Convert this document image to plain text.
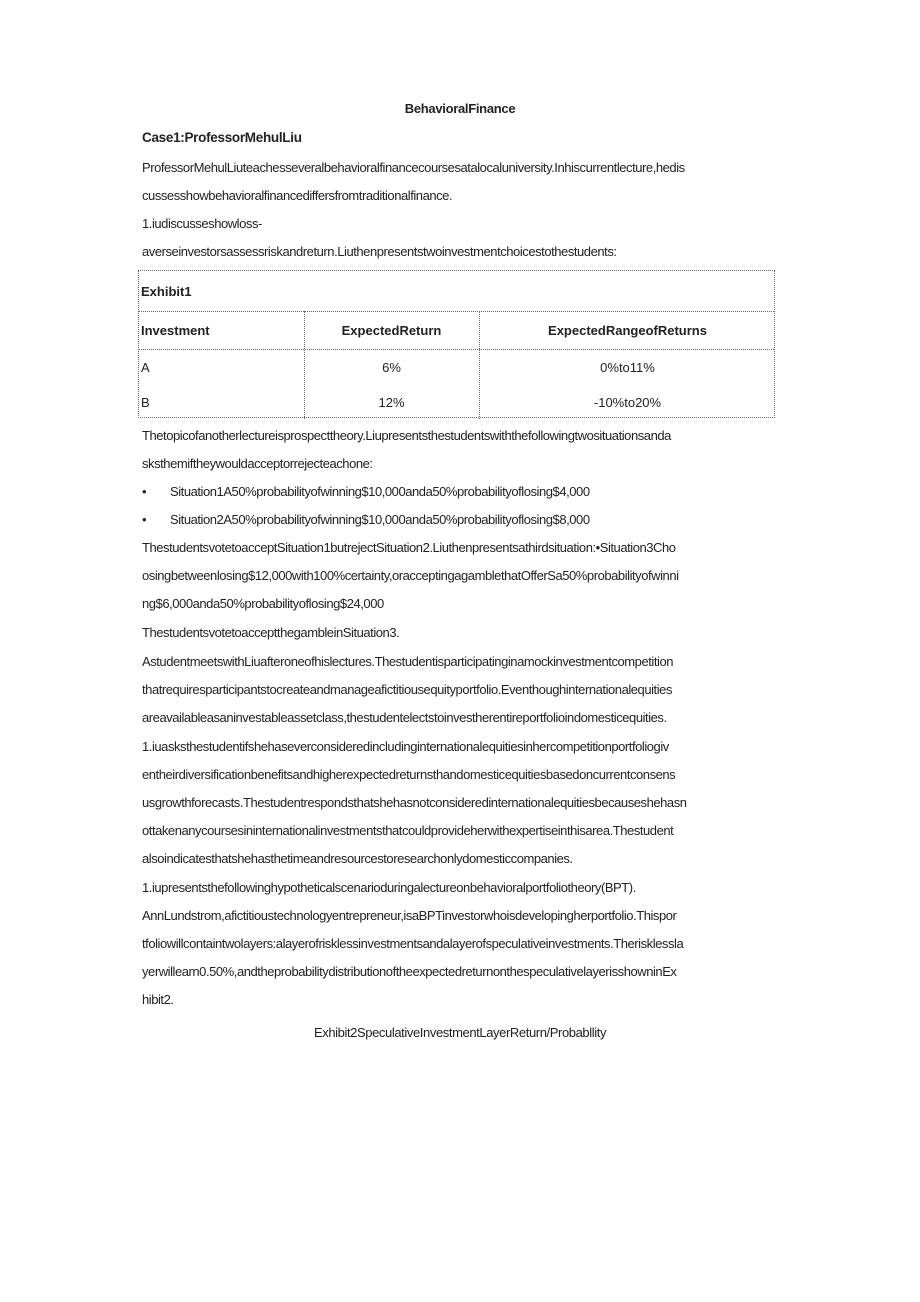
BehavioralFinance
Case1:ProfessorMehulLiu
ProfessorMehulLiuteachesseveralbehavioralfinancecoursesatalocaluniversity.Inhiscurrentlecture,hedis
cussesshowbehavioralfinancediffersfromtraditionalfinance.
1.iudiscusseshowloss-
averseinvestorsassessriskandreturn.Liuthenpresentstwoinvestmentchoicestothestudents:
Exhibit1
Investment	ExpectedReturn	ExpectedRangeofReturns
A	6%	0%to11%
B	12%	-10%to20%
Thetopicofanotherlectureisprospecttheory.Liupresentsthestudentswiththefollowingtwosituationsanda
sksthemiftheywouldacceptorrejecteachone:
• Situation1A50%probabilityofwinning$10,000anda50%probabilityoflosing$4,000
• Situation2A50%probabilityofwinning$10,000anda50%probabilityoflosing$8,000
ThestudentsvotetoacceptSituation1butrejectSituation2.Liuthenpresentsathirdsituation:•Situation3Cho
osingbetweenlosing$12,000with100%certainty,oracceptingagamblethatOfferSa50%probabilityofwinni
ng$6,000anda50%probabilityoflosing$24,000
ThestudentsvotetoacceptthegambleinSituation3.
AstudentmeetswithLiuafteroneofhislectures.Thestudentisparticipatinginamockinvestmentcompetition
thatrequiresparticipantstocreateandmanageafictitiousequityportfolio.Eventhoughinternationalequities
areavailableasaninvestableassetclass,thestudentelectstoinvestherentireportfolioindomesticequities.
1.iuasksthestudentifshehaseverconsideredincludinginternationalequitiesinhercompetitionportfoliogiv
entheirdiversificationbenefitsandhigherexpectedreturnsthandomesticequitiesbasedoncurrentconsens
usgrowthforecasts.Thestudentrespondsthatshehasnotconsideredinternationalequitiesbecauseshehasn
ottakenanycoursesininternationalinvestmentsthatcouldprovideherwithexpertiseinthisarea.Thestudent
alsoindicatesthatshehasthetimeandresourcestoresearchonlydomesticcompanies.
1.iupresentsthefollowinghypotheticalscenarioduringalectureonbehavioralportfoliotheory(BPT).
AnnLundstrom,afictitioustechnologyentrepreneur,isaBPTinvestorwhoisdevelopingherportfolio.Thispor
tfoliowillcontaintwolayers:alayerofrisklessinvestmentsandalayerofspeculativeinvestments.Therisklessla
yerwillearn0.50%,andtheprobabilitydistributionoftheexpectedreturnonthespeculativelayerisshowninEx
hibit2.
Exhibit2SpeculativeInvestmentLayerReturn/Probabllity
